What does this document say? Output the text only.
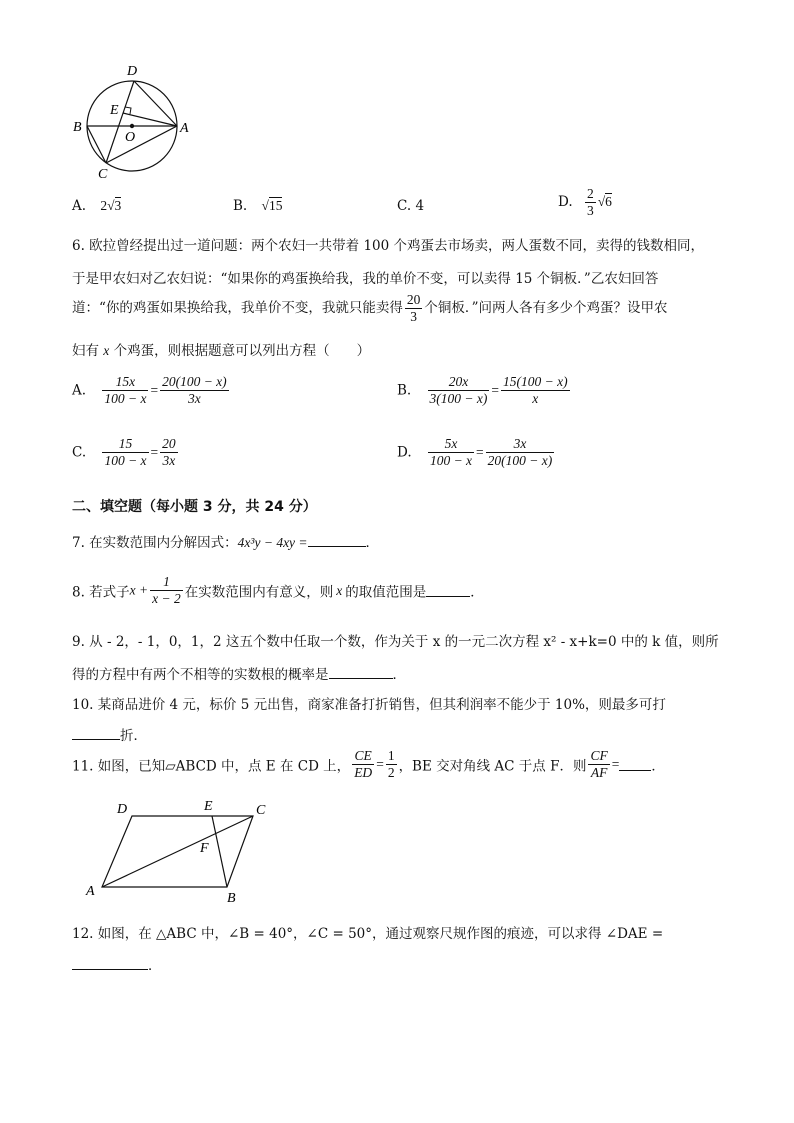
D
E
B
O
A
C
A. 2√3	B. √15	C. 4	D. $\frac{2}{3} √6$
6. 欧拉曾经提出过一道问题：两个农妇一共带着 100 个鸡蛋去市场卖，两人蛋数不同，卖得的钱数相同，
于是甲农妇对乙农妇说：“如果你的鸡蛋换给我，我的单价不变，可以卖得 15 个铜板．”乙农妇回答
道：“你的鸡蛋如果换给我，我单价不变，我就只能卖得 $\frac{20}{3}$ 个铜板．”问两人各有多少个鸡蛋？设甲农
妇有 x 个鸡蛋，则根据题意可以列出方程（　　）
A. $\frac{15x}{100 - x} = \frac{20(100 - x)}{3x}$	B. $\frac{20x}{3(100 - x)} = \frac{15(100 - x)}{x}$
C. $\frac{15}{100 - x} = \frac{20}{3x}$	D. $\frac{5x}{100 - x} = \frac{3x}{20(100 - x)}$
二、填空题（每小题 3 分，共 24 分）
7. 在实数范围内分解因式：4x³y − 4xy =	．
8. 若式子$x + \frac{1}{x - 2}$ 在实数范围内有意义，则 x 的取值范围是	．
9. 从 - 2，- 1，0，1，2 这五个数中任取一个数，作为关于 x 的一元二次方程 x² - x+k=0 中的 k 值，则所
得的方程中有两个不相等的实数根的概率是	．
10. 某商品进价 4 元，标价 5 元出售，商家准备打折销售，但其利润率不能少于 10%，则最多可打
折．
11. 如图，已知▱ABCD 中，点 E 在 CD 上， $\frac{CE}{ED} = \frac{1}{2}$ ，BE 交对角线 AC 于点 F．则 $\frac{CF}{AF}$ = ．
D	E	C
F
A	B
12. 如图，在 △ABC 中，∠B = 40°，∠C = 50°，通过观察尺规作图的痕迹，可以求得 ∠DAE =
．
